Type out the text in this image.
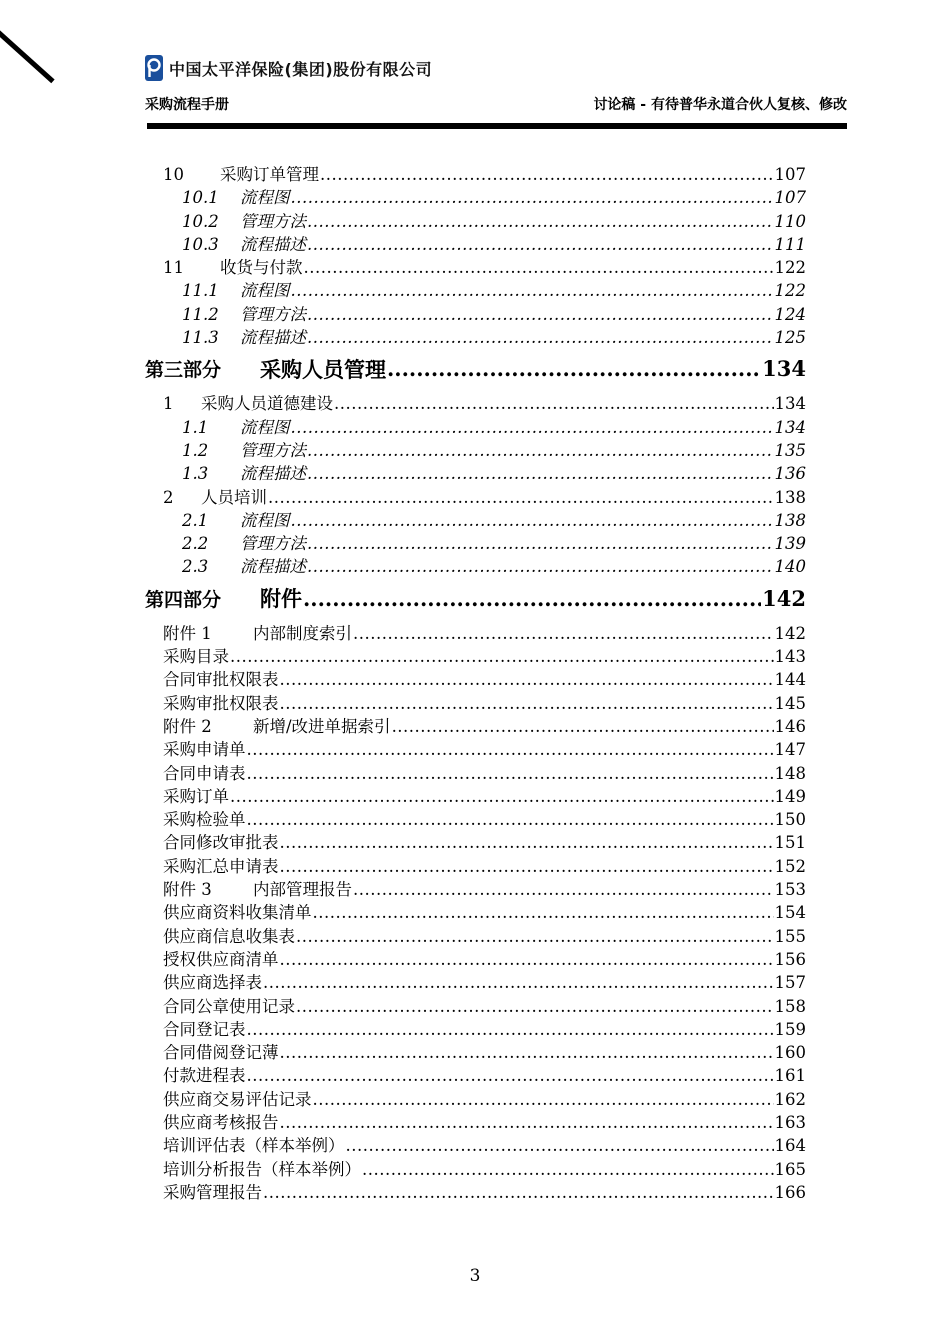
中国太平洋保险(集团)股份有限公司
采购流程手册	讨论稿 - 有待普华永道合伙人复核、修改
10	采购订单管理 .....	107
10.1	流程图 .....	107
10.2	管理方法 .....	110
10.3	流程描述 .....	111
11	收货与付款 .....	122
11.1	流程图 .....	122
11.2	管理方法 .....	124
11.3	流程描述 .....	125
第三部分	采购人员管理 .....	134
1	采购人员道德建设 .....	134
1.1	流程图 .....	134
1.2	管理方法 .....	135
1.3	流程描述 .....	136
2	人员培训 .....	138
2.1	流程图 .....	138
2.2	管理方法 .....	139
2.3	流程描述 .....	140
第四部分	附件 .....	142
附件 1	内部制度索引 .....	142
采购目录 .....	143
合同审批权限表 .....	144
采购审批权限表 .....	145
附件 2	新增/改进单据索引 .....	146
采购申请单 .....	147
合同申请表 .....	148
采购订单 .....	149
采购检验单 .....	150
合同修改审批表 .....	151
采购汇总申请表 .....	152
附件 3	内部管理报告 .....	153
供应商资料收集清单 .....	154
供应商信息收集表 .....	155
授权供应商清单 .....	156
供应商选择表 .....	157
合同公章使用记录 .....	158
合同登记表 .....	159
合同借阅登记薄 .....	160
付款进程表 .....	161
供应商交易评估记录 .....	162
供应商考核报告 .....	163
培训评估表（样本举例） .....	164
培训分析报告（样本举例） .....	165
采购管理报告 .....	166
3
